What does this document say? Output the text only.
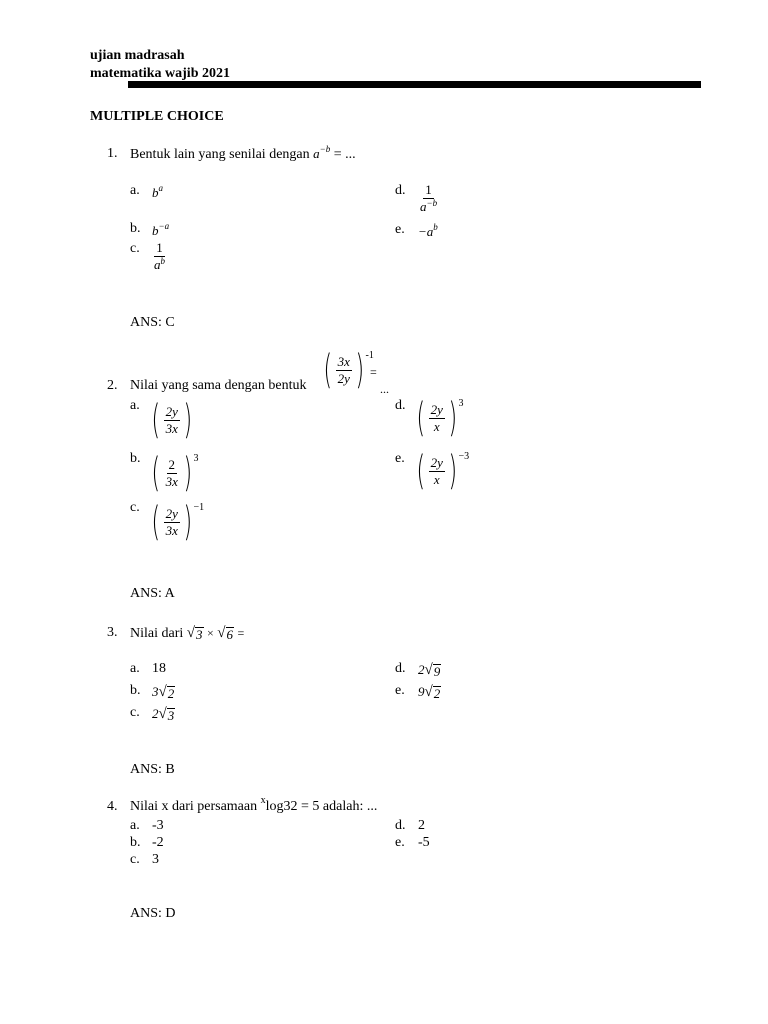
ujian madrasah
matematika wajib 2021
MULTIPLE CHOICE
1. Bentuk lain yang senilai dengan $a^{-b}$ = ...
a. $b^a$
b. $b^{-a}$
c. $\frac{1}{a^b}$
d. $\frac{1}{a^{-b}}$
e. $-a^b$
ANS: C
2. Nilai yang sama dengan bentuk ( $\frac{3x}{2y}$ ) -1
=
...
a. ( $\frac{2y}{3x}$ )
b. ( $\frac{2}{3x}$ ) 3
c. ( $\frac{2y}{3x}$ ) −1
d. ( $\frac{2y}{x}$ ) 3
e. ( $\frac{2y}{x}$ ) −3
ANS: A
3. Nilai dari √ 3 × √ 6 =
a. 18
b. 3 √ 2
c. 2 √ 3
d. 2 √ 9
e. 9 √ 2
ANS: B
4. Nilai x dari persamaan $^x$log32 = 5 adalah: ...
a. -3
b. -2
c. 3
d. 2
e. -5
ANS: D
